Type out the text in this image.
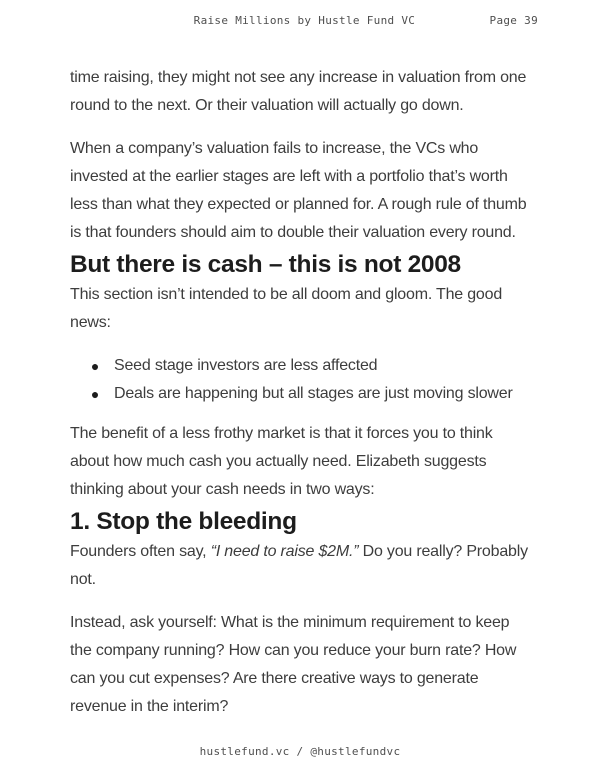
Raise Millions by Hustle Fund VC	Page 39

time raising, they might not see any increase in valuation from one round to the next. Or their valuation will actually go down.

When a company’s valuation fails to increase, the VCs who invested at the earlier stages are left with a portfolio that’s worth less than what they expected or planned for. A rough rule of thumb is that founders should aim to double their valuation every round.

But there is cash – this is not 2008

This section isn’t intended to be all doom and gloom. The good news:

● Seed stage investors are less affected
● Deals are happening but all stages are just moving slower

The benefit of a less frothy market is that it forces you to think about how much cash you actually need. Elizabeth suggests thinking about your cash needs in two ways:

1. Stop the bleeding

Founders often say, “I need to raise $2M.” Do you really? Probably not.

Instead, ask yourself: What is the minimum requirement to keep the company running? How can you reduce your burn rate? How can you cut expenses? Are there creative ways to generate revenue in the interim?

hustlefund.vc / @hustlefundvc
